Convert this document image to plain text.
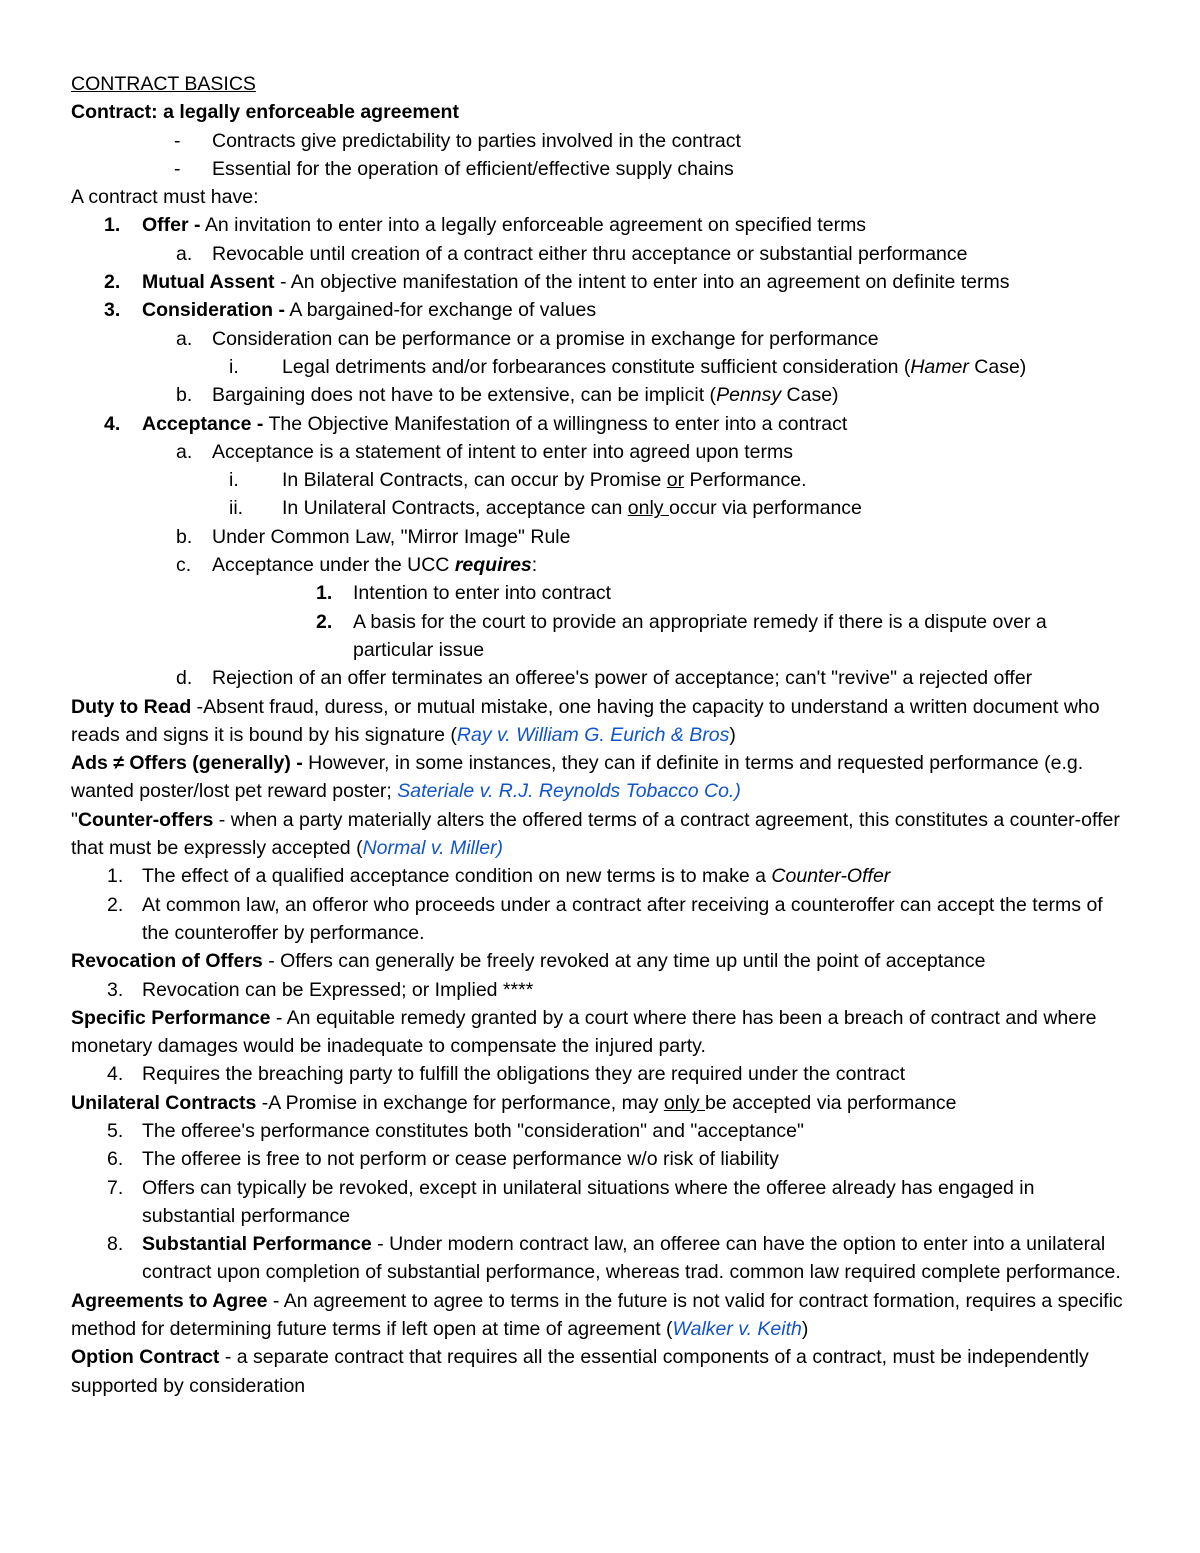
CONTRACT BASICS

Contract: a legally enforceable agreement

-	Contracts give predictability to parties involved in the contract
-	Essential for the operation of efficient/effective supply chains

A contract must have:

1.	Offer - An invitation to enter into a legally enforceable agreement on specified terms
a.	Revocable until creation of a contract either thru acceptance or substantial performance
2.	Mutual Assent - An objective manifestation of the intent to enter into an agreement on definite terms
3.	Consideration - A bargained-for exchange of values
a.	Consideration can be performance or a promise in exchange for performance
i.	Legal detriments and/or forbearances constitute sufficient consideration (Hamer Case)
b.	Bargaining does not have to be extensive, can be implicit (Pennsy Case)
4.	Acceptance - The Objective Manifestation of a willingness to enter into a contract
a.	Acceptance is a statement of intent to enter into agreed upon terms
i.	In Bilateral Contracts, can occur by Promise or Performance.
ii.	In Unilateral Contracts, acceptance can only occur via performance
b.	Under Common Law, "Mirror Image" Rule
c.	Acceptance under the UCC requires:
1.	Intention to enter into contract
2.	A basis for the court to provide an appropriate remedy if there is a dispute over a particular issue
d.	Rejection of an offer terminates an offeree's power of acceptance; can't "revive" a rejected offer

Duty to Read -Absent fraud, duress, or mutual mistake, one having the capacity to understand a written document who reads and signs it is bound by his signature (Ray v. William G. Eurich & Bros)

Ads ≠ Offers (generally) - However, in some instances, they can if definite in terms and requested performance (e.g. wanted poster/lost pet reward poster; Sateriale v. R.J. Reynolds Tobacco Co.)

"Counter-offers - when a party materially alters the offered terms of a contract agreement, this constitutes a counter-offer that must be expressly accepted (Normal v. Miller)

1. The effect of a qualified acceptance condition on new terms is to make a Counter-Offer
2. At common law, an offeror who proceeds under a contract after receiving a counteroffer can accept the terms of the counteroffer by performance.

Revocation of Offers - Offers can generally be freely revoked at any time up until the point of acceptance

3. Revocation can be Expressed; or Implied ****

Specific Performance - An equitable remedy granted by a court where there has been a breach of contract and where monetary damages would be inadequate to compensate the injured party.

4. Requires the breaching party to fulfill the obligations they are required under the contract

Unilateral Contracts -A Promise in exchange for performance, may only be accepted via performance

5. The offeree's performance constitutes both "consideration" and "acceptance"
6. The offeree is free to not perform or cease performance w/o risk of liability
7. Offers can typically be revoked, except in unilateral situations where the offeree already has engaged in substantial performance
8. Substantial Performance - Under modern contract law, an offeree can have the option to enter into a unilateral contract upon completion of substantial performance, whereas trad. common law required complete performance.

Agreements to Agree - An agreement to agree to terms in the future is not valid for contract formation, requires a specific method for determining future terms if left open at time of agreement (Walker v. Keith)

Option Contract - a separate contract that requires all the essential components of a contract, must be independently supported by consideration
